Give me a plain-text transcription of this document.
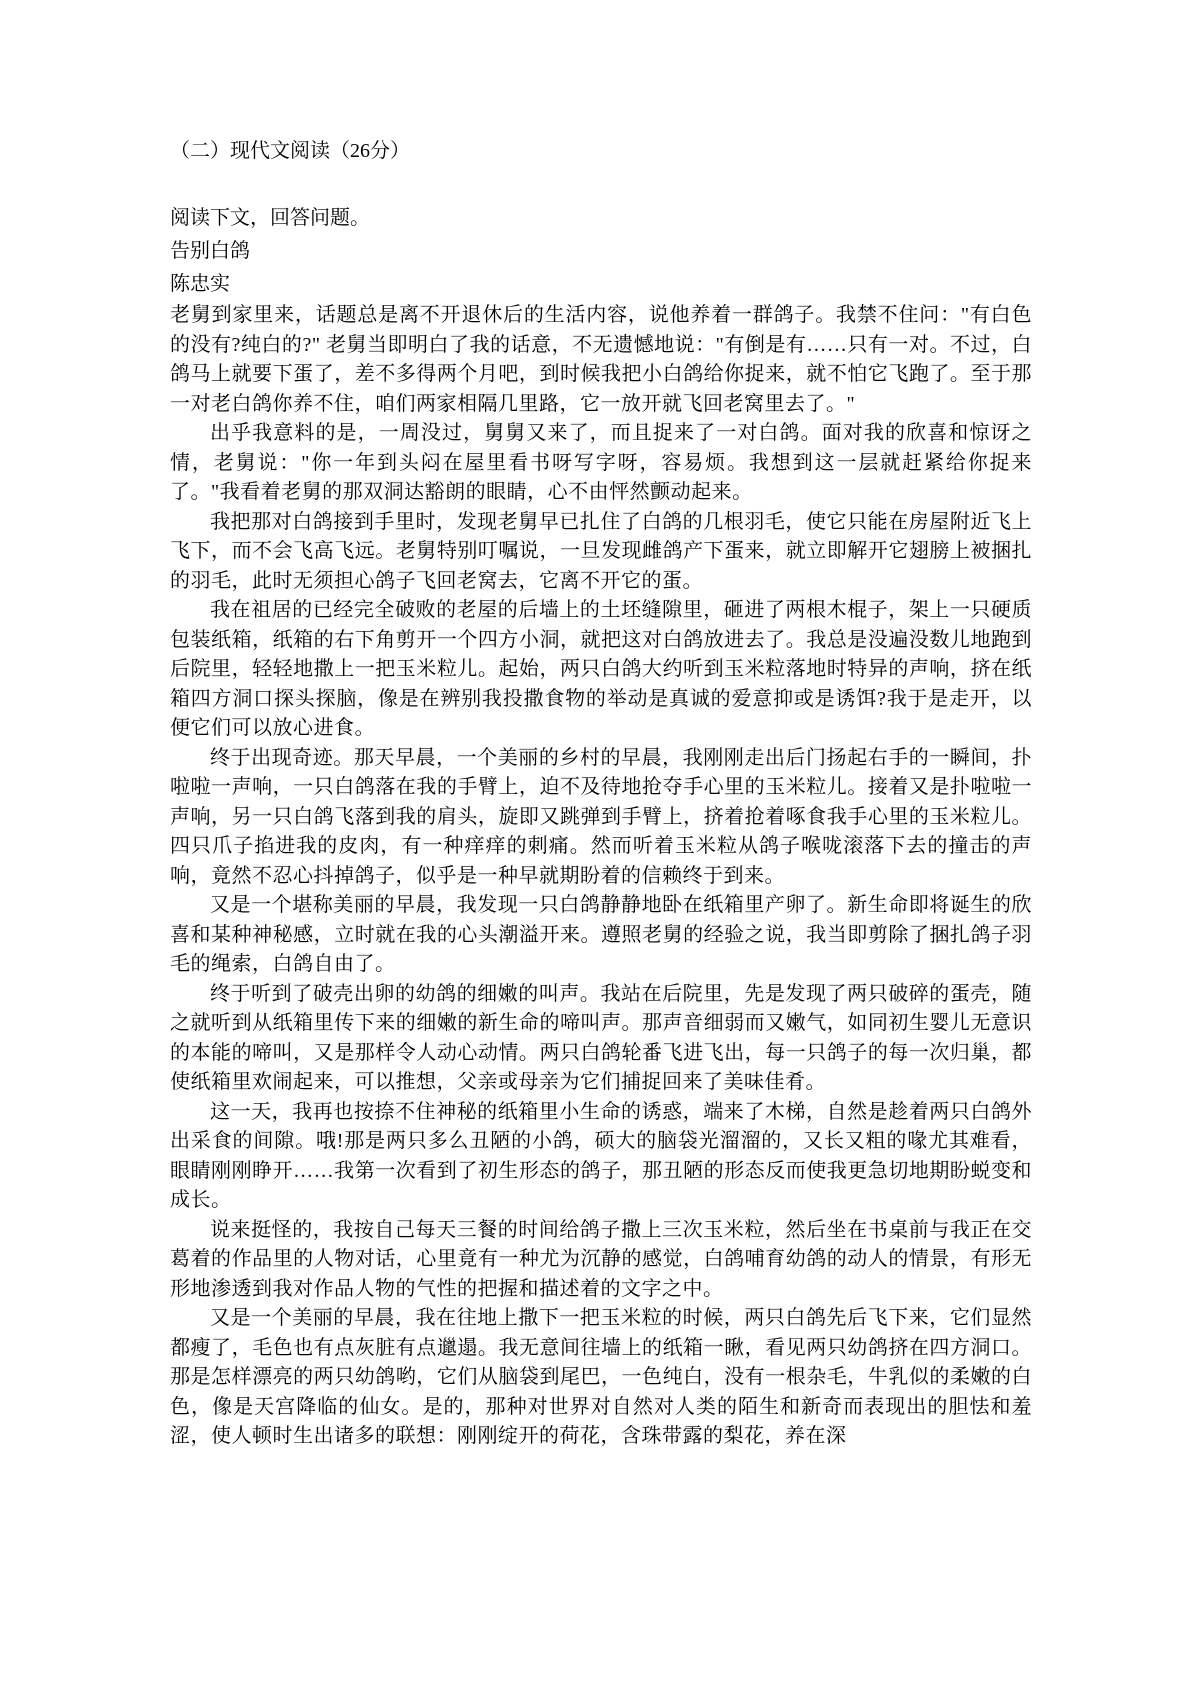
（二）现代文阅读（26分）

阅读下文，回答问题。

告别白鸽

陈忠实

老舅到家里来，话题总是离不开退休后的生活内容，说他养着一群鸽子。我禁不住问："有白色的没有?纯白的?" 老舅当即明白了我的话意，不无遗憾地说："有倒是有……只有一对。不过，白鸽马上就要下蛋了，差不多得两个月吧，到时候我把小白鸽给你捉来，就不怕它飞跑了。至于那一对老白鸽你养不住，咱们两家相隔几里路，它一放开就飞回老窝里去了。"

出乎我意料的是，一周没过，舅舅又来了，而且捉来了一对白鸽。面对我的欣喜和惊讶之情，老舅说："你一年到头闷在屋里看书呀写字呀，容易烦。我想到这一层就赶紧给你捉来了。"我看着老舅的那双洞达豁朗的眼睛，心不由怦然颤动起来。

我把那对白鸽接到手里时，发现老舅早已扎住了白鸽的几根羽毛，使它只能在房屋附近飞上飞下，而不会飞高飞远。老舅特别叮嘱说，一旦发现雌鸽产下蛋来，就立即解开它翅膀上被捆扎的羽毛，此时无须担心鸽子飞回老窝去，它离不开它的蛋。

我在祖居的已经完全破败的老屋的后墙上的土坯缝隙里，砸进了两根木棍子，架上一只硬质包装纸箱，纸箱的右下角剪开一个四方小洞，就把这对白鸽放进去了。我总是没遍没数儿地跑到后院里，轻轻地撒上一把玉米粒儿。起始，两只白鸽大约听到玉米粒落地时特异的声响，挤在纸箱四方洞口探头探脑，像是在辨别我投撒食物的举动是真诚的爱意抑或是诱饵?我于是走开，以便它们可以放心进食。

终于出现奇迹。那天早晨，一个美丽的乡村的早晨，我刚刚走出后门扬起右手的一瞬间，扑啦啦一声响，一只白鸽落在我的手臂上，迫不及待地抢夺手心里的玉米粒儿。接着又是扑啦啦一声响，另一只白鸽飞落到我的肩头，旋即又跳弹到手臂上，挤着抢着啄食我手心里的玉米粒儿。四只爪子掐进我的皮肉，有一种痒痒的刺痛。然而听着玉米粒从鸽子喉咙滚落下去的撞击的声响，竟然不忍心抖掉鸽子，似乎是一种早就期盼着的信赖终于到来。

又是一个堪称美丽的早晨，我发现一只白鸽静静地卧在纸箱里产卵了。新生命即将诞生的欣喜和某种神秘感，立时就在我的心头潮溢开来。遵照老舅的经验之说，我当即剪除了捆扎鸽子羽毛的绳索，白鸽自由了。

终于听到了破壳出卵的幼鸽的细嫩的叫声。我站在后院里，先是发现了两只破碎的蛋壳，随之就听到从纸箱里传下来的细嫩的新生命的啼叫声。那声音细弱而又嫩气，如同初生婴儿无意识的本能的啼叫，又是那样令人动心动情。两只白鸽轮番飞进飞出，每一只鸽子的每一次归巢，都使纸箱里欢闹起来，可以推想，父亲或母亲为它们捕捉回来了美味佳肴。

这一天，我再也按捺不住神秘的纸箱里小生命的诱惑，端来了木梯，自然是趁着两只白鸽外出采食的间隙。哦!那是两只多么丑陋的小鸽，硕大的脑袋光溜溜的，又长又粗的喙尤其难看，眼睛刚刚睁开……我第一次看到了初生形态的鸽子，那丑陋的形态反而使我更急切地期盼蜕变和成长。

说来挺怪的，我按自己每天三餐的时间给鸽子撒上三次玉米粒，然后坐在书桌前与我正在交葛着的作品里的人物对话，心里竟有一种尤为沉静的感觉，白鸽哺育幼鸽的动人的情景，有形无形地渗透到我对作品人物的气性的把握和描述着的文字之中。

又是一个美丽的早晨，我在往地上撒下一把玉米粒的时候，两只白鸽先后飞下来，它们显然都瘦了，毛色也有点灰脏有点邋遢。我无意间往墙上的纸箱一瞅，看见两只幼鸽挤在四方洞口。那是怎样漂亮的两只幼鸽哟，它们从脑袋到尾巴，一色纯白，没有一根杂毛，牛乳似的柔嫩的白色，像是天宫降临的仙女。是的，那种对世界对自然对人类的陌生和新奇而表现出的胆怯和羞涩，使人顿时生出诸多的联想：刚刚绽开的荷花，含珠带露的梨花，养在深
